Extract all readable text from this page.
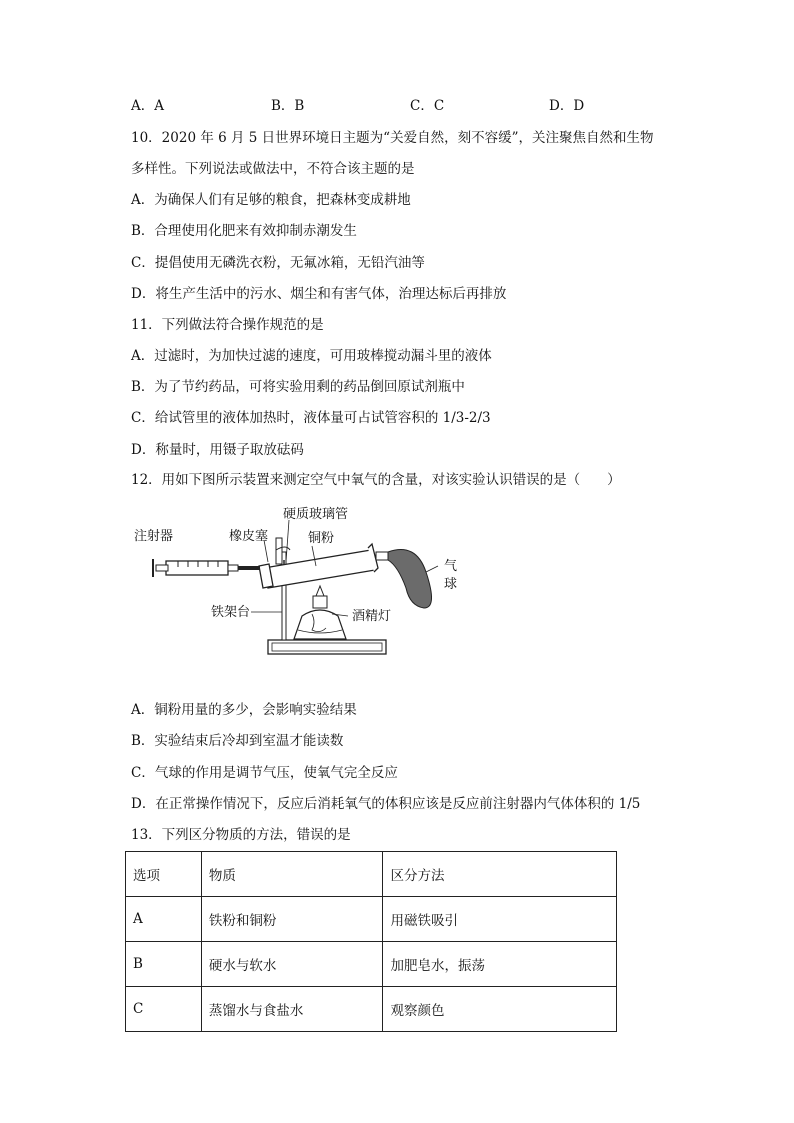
A．A	B．B	C．C	D．D
10．2020 年 6 月 5 日世界环境日主题为“关爱自然，刻不容缓”，关注聚焦自然和生物
多样性。下列说法或做法中，不符合该主题的是
A．为确保人们有足够的粮食，把森林变成耕地
B．合理使用化肥来有效抑制赤潮发生
C．提倡使用无磷洗衣粉，无氟冰箱，无铅汽油等
D．将生产生活中的污水、烟尘和有害气体，治理达标后再排放
11．下列做法符合操作规范的是
A．过滤时，为加快过滤的速度，可用玻棒搅动漏斗里的液体
B．为了节约药品，可将实验用剩的药品倒回原试剂瓶中
C．给试管里的液体加热时，液体量可占试管容积的 1/3-2/3
D．称量时，用镊子取放砝码
12．用如下图所示装置来测定空气中氧气的含量，对该实验认识错误的是（　　）
注射器	橡皮塞
硬质玻璃管
铜粉
气
球
铁架台	酒精灯
A．铜粉用量的多少，会影响实验结果
B．实验结束后冷却到室温才能读数
C．气球的作用是调节气压，使氧气完全反应
D．在正常操作情况下，反应后消耗氧气的体积应该是反应前注射器内气体体积的 1/5
13．下列区分物质的方法，错误的是
选项	物质	区分方法
A	铁粉和铜粉	用磁铁吸引
B	硬水与软水	加肥皂水，振荡
C	蒸馏水与食盐水	观察颜色
